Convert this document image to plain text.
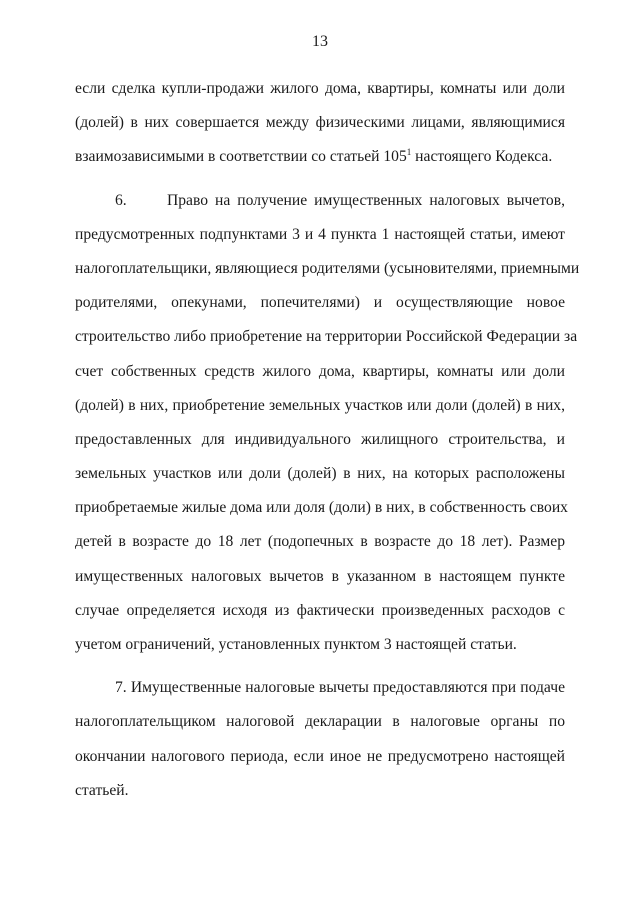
13
если сделка купли-продажи жилого дома, квартиры, комнаты или доли
(долей) в них совершается между физическими лицами, являющимися
взаимозависимыми в соответствии со статьей $105^1$ настоящего Кодекса.
6.	Право на получение имущественных налоговых вычетов,
предусмотренных подпунктами 3 и 4 пункта 1 настоящей статьи, имеют
налогоплательщики, являющиеся родителями (усыновителями, приемными
родителями, опекунами, попечителями) и осуществляющие новое
строительство либо приобретение на территории Российской Федерации за
счет собственных средств жилого дома, квартиры, комнаты или доли
(долей) в них, приобретение земельных участков или доли (долей) в них,
предоставленных для индивидуального жилищного строительства, и
земельных участков или доли (долей) в них, на которых расположены
приобретаемые жилые дома или доля (доли) в них, в собственность своих
детей в возрасте до 18 лет (подопечных в возрасте до 18 лет). Размер
имущественных налоговых вычетов в указанном в настоящем пункте
случае определяется исходя из фактически произведенных расходов с
учетом ограничений, установленных пунктом 3 настоящей статьи.
7. Имущественные налоговые вычеты предоставляются при подаче
налогоплательщиком налоговой декларации в налоговые органы по
окончании налогового периода, если иное не предусмотрено настоящей
статьей.
